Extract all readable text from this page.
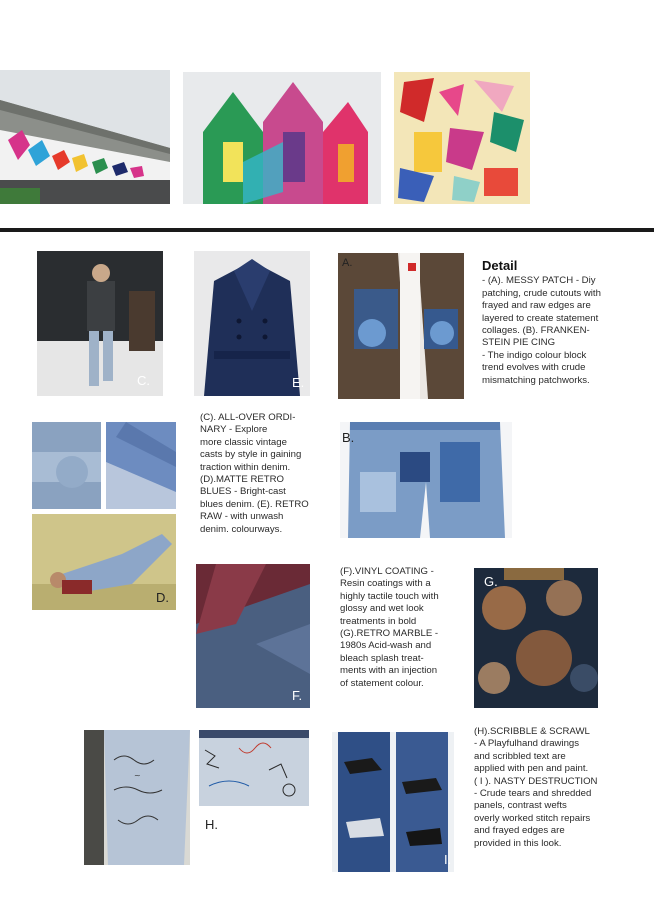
C.	E.
A.	Detail
- (A). MESSY PATCH - Diy
patching, crude cutouts with
frayed and raw edges are
layered to create statement
collages. (B). FRANKEN-
STEIN PIE CING
- The indigo colour block
trend evolves with crude
mismatching patchworks.
D.
(C). ALL-OVER ORDI-
NARY - Explore
more classic vintage
casts by style in gaining
traction within denim.
(D).MATTE RETRO
BLUES - Bright-cast
blues denim. (E). RETRO
RAW - with unwash
denim. colourways.
B.
F.
(F).VINYL COATING -
Resin coatings with a
highly tactile touch with
glossy and wet look
treatments in bold
(G).RETRO MARBLE -
1980s Acid-wash and
bleach splash treat-
ments with an injection
of statement colour.
G.
~
H.
I.
(H).SCRIBBLE & SCRAWL
- A Playfulhand drawings
and scribbled text are
applied with pen and paint.
( I ). NASTY DESTRUCTION
- Crude tears and shredded
panels, contrast wefts
overly worked stitch repairs
and frayed edges are
provided in this look.
